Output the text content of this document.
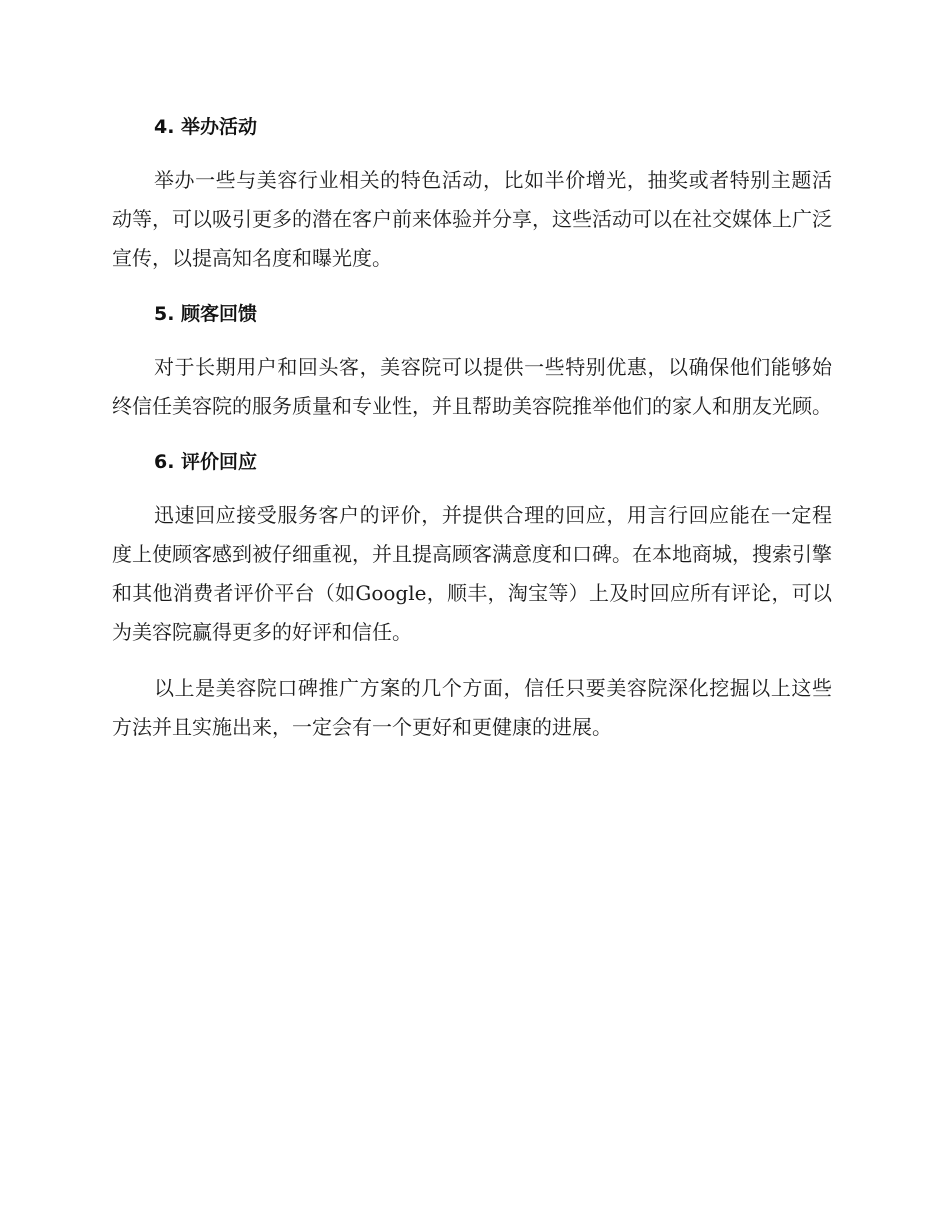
4. 举办活动

举办一些与美容行业相关的特色活动，比如半价增光，抽奖或者特别主题活动等，可以吸引更多的潜在客户前来体验并分享，这些活动可以在社交媒体上广泛宣传，以提高知名度和曝光度。

5. 顾客回馈

对于长期用户和回头客，美容院可以提供一些特别优惠，以确保他们能够始终信任美容院的服务质量和专业性，并且帮助美容院推举他们的家人和朋友光顾。

6. 评价回应

迅速回应接受服务客户的评价，并提供合理的回应，用言行回应能在一定程度上使顾客感到被仔细重视，并且提高顾客满意度和口碑。在本地商城，搜索引擎和其他消费者评价平台（如Google，顺丰，淘宝等）上及时回应所有评论，可以为美容院赢得更多的好评和信任。

以上是美容院口碑推广方案的几个方面，信任只要美容院深化挖掘以上这些方法并且实施出来，一定会有一个更好和更健康的进展。
